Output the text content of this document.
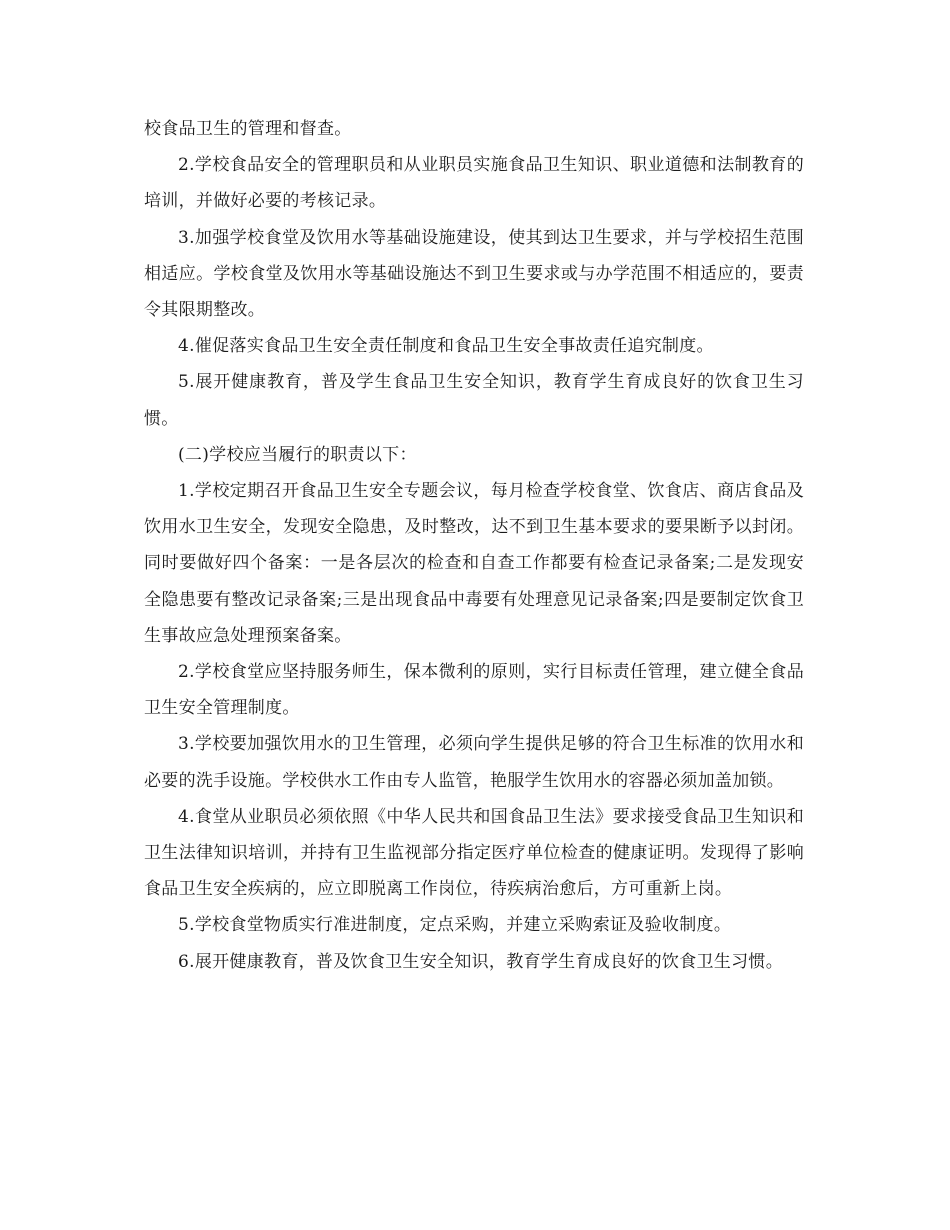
校食品卫生的管理和督查。

2.学校食品安全的管理职员和从业职员实施食品卫生知识、职业道德和法制教育的培训，并做好必要的考核记录。

3.加强学校食堂及饮用水等基础设施建设，使其到达卫生要求，并与学校招生范围相适应。学校食堂及饮用水等基础设施达不到卫生要求或与办学范围不相适应的，要责令其限期整改。

4.催促落实食品卫生安全责任制度和食品卫生安全事故责任追究制度。

5.展开健康教育，普及学生食品卫生安全知识，教育学生育成良好的饮食卫生习惯。

(二)学校应当履行的职责以下：

1.学校定期召开食品卫生安全专题会议，每月检查学校食堂、饮食店、商店食品及饮用水卫生安全，发现安全隐患，及时整改，达不到卫生基本要求的要果断予以封闭。同时要做好四个备案：一是各层次的检查和自查工作都要有检查记录备案;二是发现安全隐患要有整改记录备案;三是出现食品中毒要有处理意见记录备案;四是要制定饮食卫生事故应急处理预案备案。

2.学校食堂应坚持服务师生，保本微利的原则，实行目标责任管理，建立健全食品卫生安全管理制度。

3.学校要加强饮用水的卫生管理，必须向学生提供足够的符合卫生标准的饮用水和必要的洗手设施。学校供水工作由专人监管，艳服学生饮用水的容器必须加盖加锁。

4.食堂从业职员必须依照《中华人民共和国食品卫生法》要求接受食品卫生知识和卫生法律知识培训，并持有卫生监视部分指定医疗单位检查的健康证明。发现得了影响食品卫生安全疾病的，应立即脱离工作岗位，待疾病治愈后，方可重新上岗。

5.学校食堂物质实行准进制度，定点采购，并建立采购索证及验收制度。

6.展开健康教育，普及饮食卫生安全知识，教育学生育成良好的饮食卫生习惯。
